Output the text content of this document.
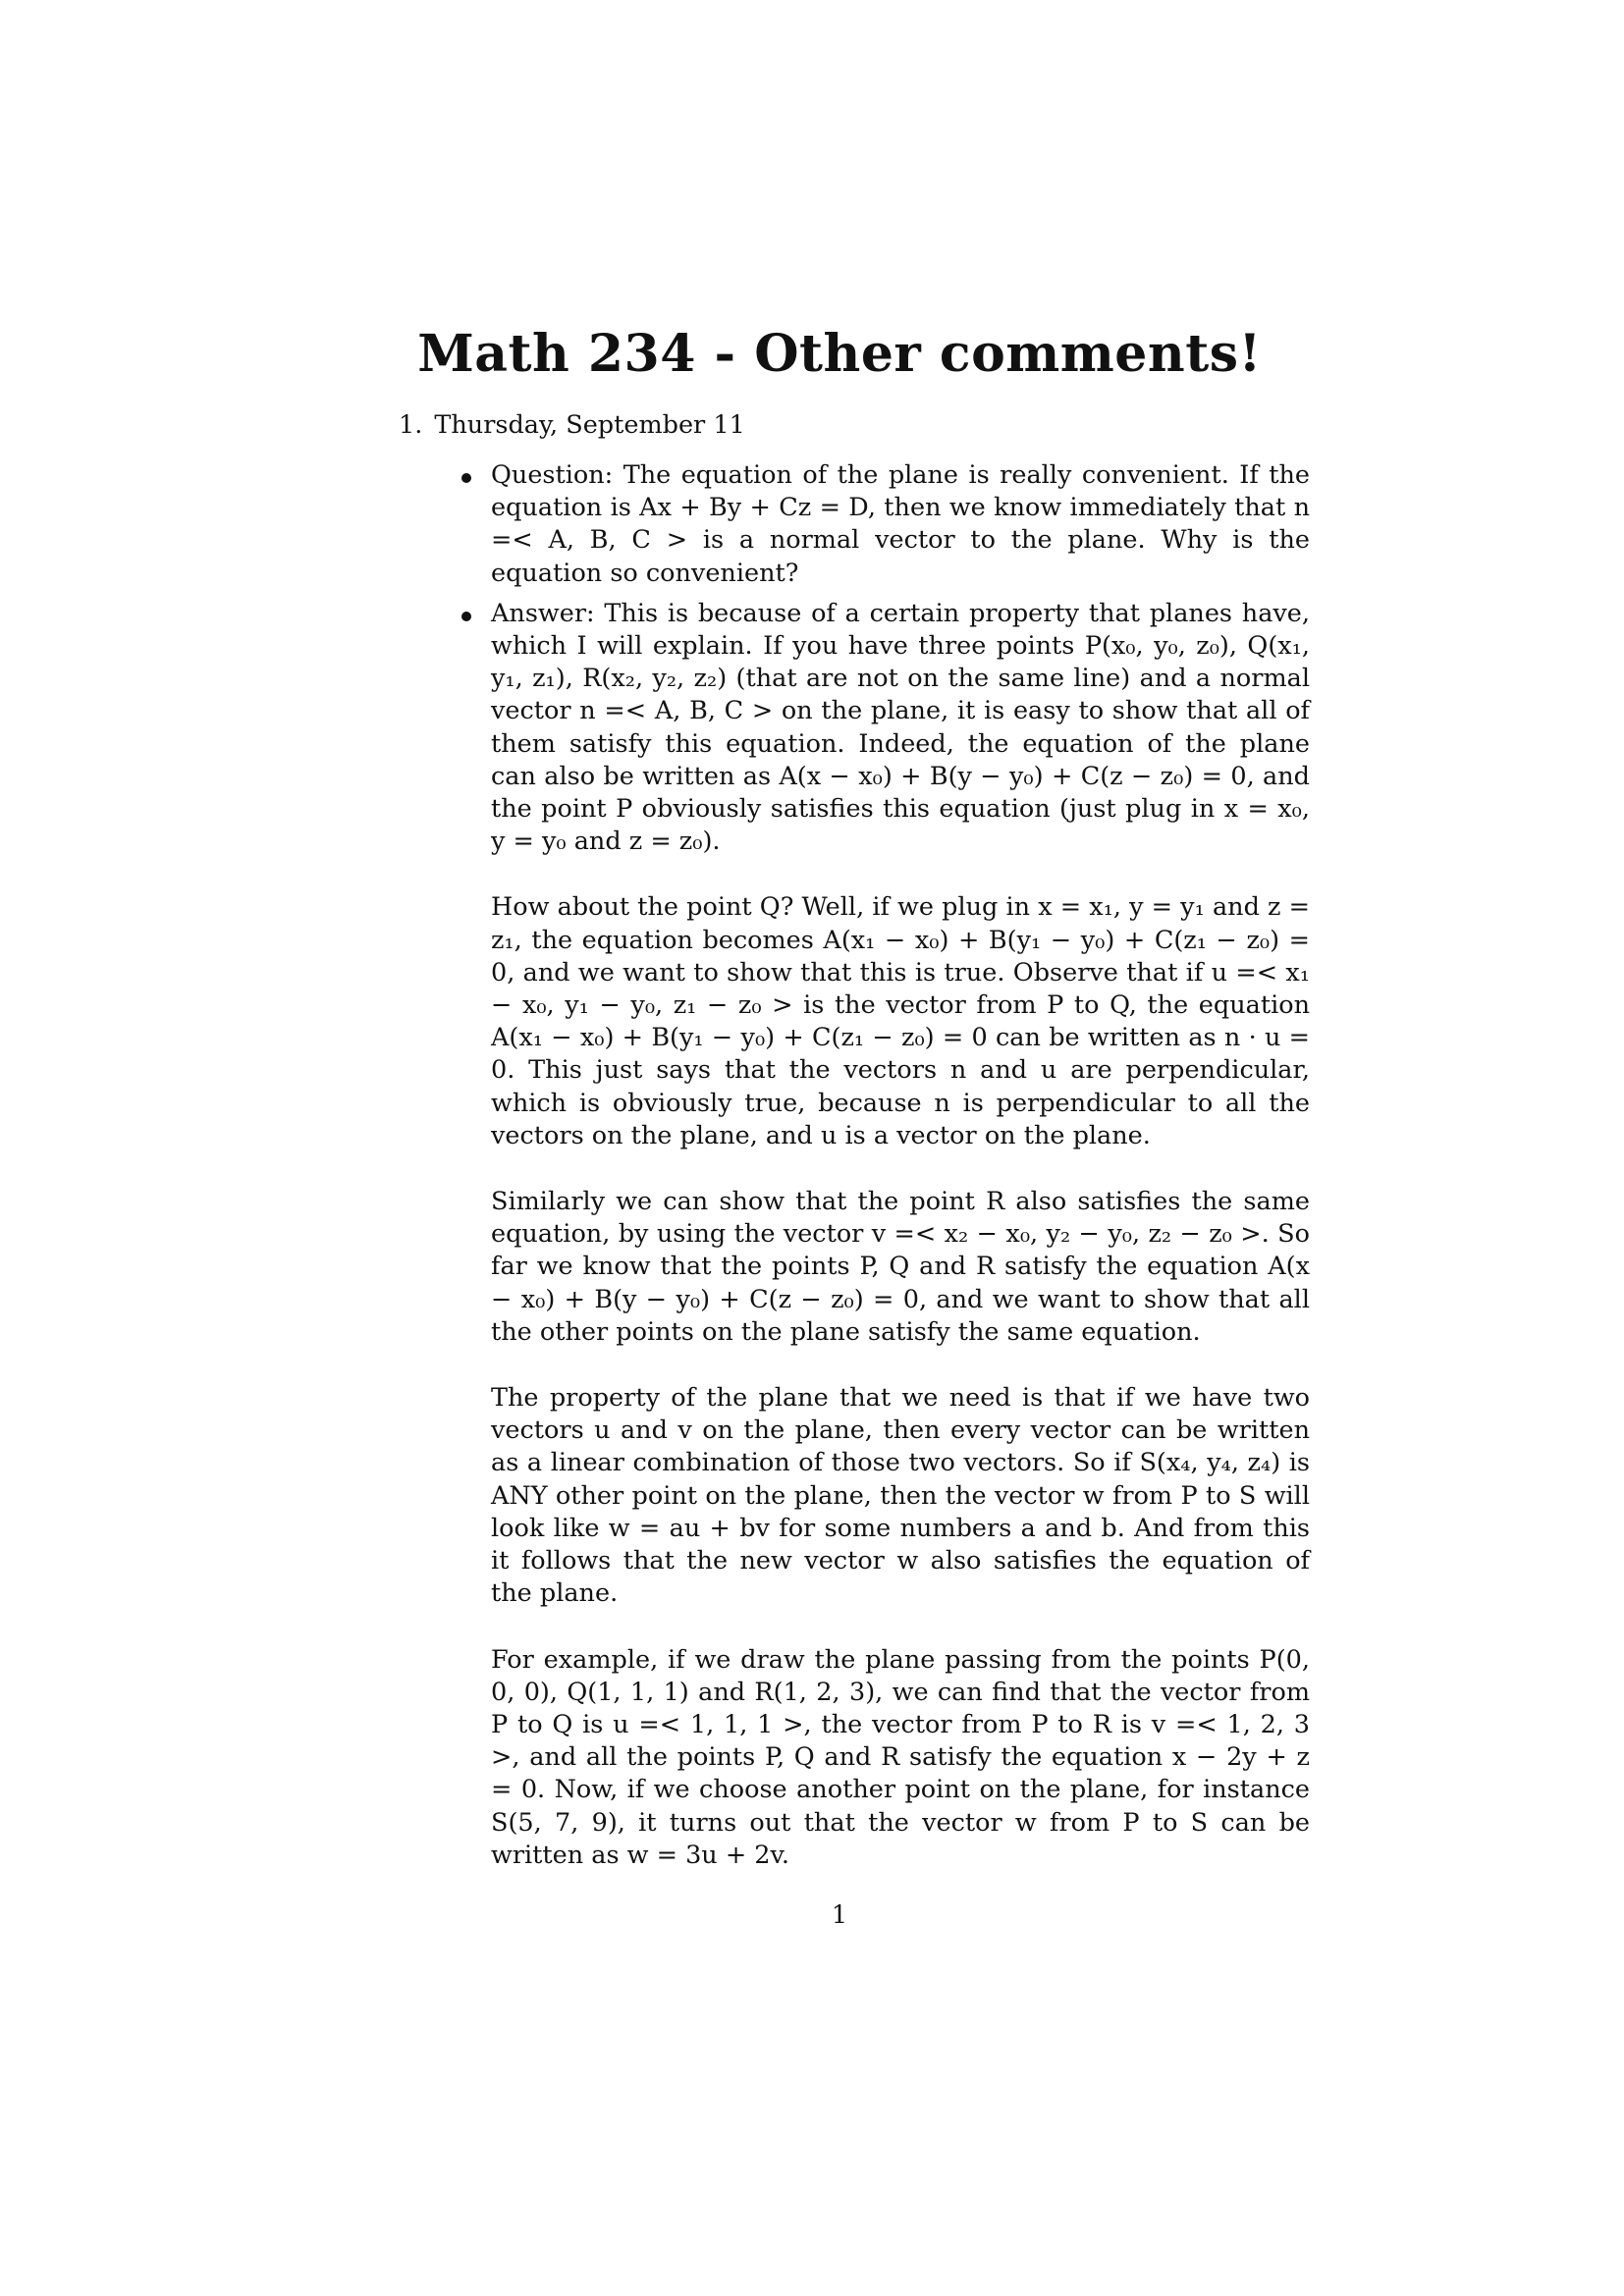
Math 234 - Other comments!
1. Thursday, September 11
Question: The equation of the plane is really convenient. If the equation is Ax + By + Cz = D, then we know immediately that n =< A, B, C > is a normal vector to the plane. Why is the equation so convenient?
Answer: This is because of a certain property that planes have, which I will explain. If you have three points P(x₀, y₀, z₀), Q(x₁, y₁, z₁), R(x₂, y₂, z₂) (that are not on the same line) and a normal vector n =< A, B, C > on the plane, it is easy to show that all of them satisfy this equation. Indeed, the equation of the plane can also be written as A(x − x₀) + B(y − y₀) + C(z − z₀) = 0, and the point P obviously satisfies this equation (just plug in x = x₀, y = y₀ and z = z₀).

How about the point Q? Well, if we plug in x = x₁, y = y₁ and z = z₁, the equation becomes A(x₁ − x₀) + B(y₁ − y₀) + C(z₁ − z₀) = 0, and we want to show that this is true. Observe that if u =< x₁ − x₀, y₁ − y₀, z₁ − z₀ > is the vector from P to Q, the equation A(x₁ − x₀) + B(y₁ − y₀) + C(z₁ − z₀) = 0 can be written as n · u = 0. This just says that the vectors n and u are perpendicular, which is obviously true, because n is perpendicular to all the vectors on the plane, and u is a vector on the plane.

Similarly we can show that the point R also satisfies the same equation, by using the vector v =< x₂ − x₀, y₂ − y₀, z₂ − z₀ >. So far we know that the points P, Q and R satisfy the equation A(x − x₀) + B(y − y₀) + C(z − z₀) = 0, and we want to show that all the other points on the plane satisfy the same equation.

The property of the plane that we need is that if we have two vectors u and v on the plane, then every vector can be written as a linear combination of those two vectors. So if S(x₄, y₄, z₄) is ANY other point on the plane, then the vector w from P to S will look like w = au + bv for some numbers a and b. And from this it follows that the new vector w also satisfies the equation of the plane.

For example, if we draw the plane passing from the points P(0, 0, 0), Q(1, 1, 1) and R(1, 2, 3), we can find that the vector from P to Q is u =< 1, 1, 1 >, the vector from P to R is v =< 1, 2, 3 >, and all the points P, Q and R satisfy the equation x − 2y + z = 0. Now, if we choose another point on the plane, for instance S(5, 7, 9), it turns out that the vector w from P to S can be written as w = 3u + 2v.

1
